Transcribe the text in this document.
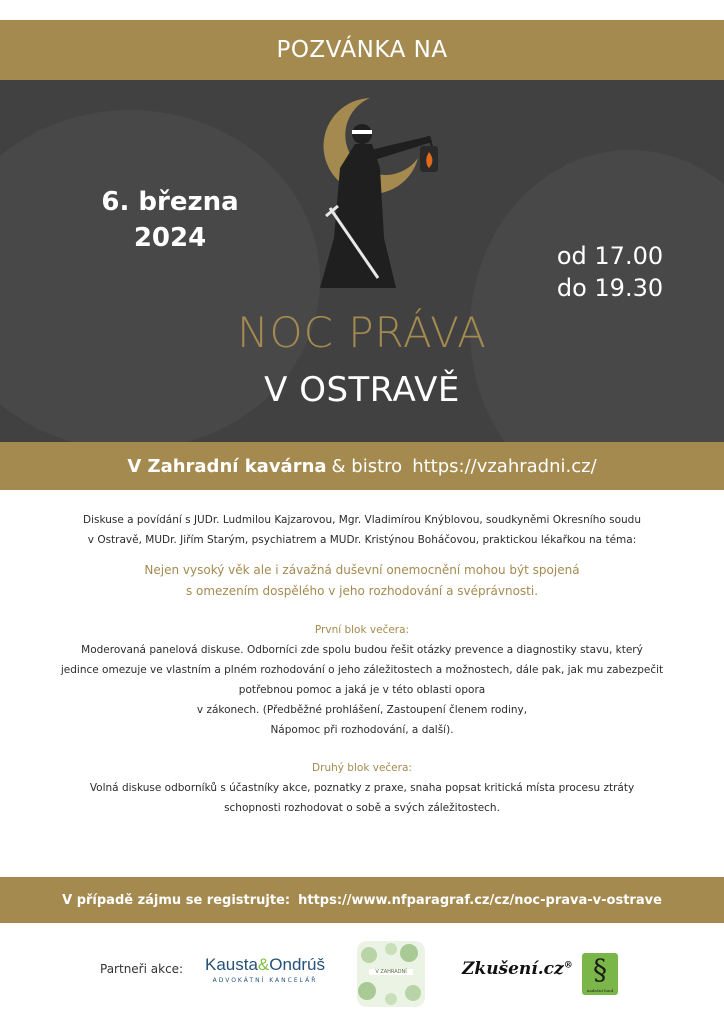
POZVÁNKA NA
6. března
2024
od 17.00
do 19.30
NOC PRÁVA
V OSTRAVĚ
V Zahradní kavárna & bistro https://vzahradni.cz/

Diskuse a povídání s JUDr. Ludmilou Kajzarovou, Mgr. Vladimírou Knýblovou, soudkyněmi Okresního soudu

v Ostravě, MUDr. Jiřím Starým, psychiatrem a MUDr. Kristýnou Boháčovou, praktickou lékařkou na téma:

Nejen vysoký věk ale i závažná duševní onemocnění mohou být spojená

s omezením dospělého v jeho rozhodování a svéprávnosti.

První blok večera:

Moderovaná panelová diskuse. Odborníci zde spolu budou řešit otázky prevence a diagnostiky stavu, který

jedince omezuje ve vlastním a plném rozhodování o jeho záležitostech a možnostech, dále pak, jak mu zabezpečit

potřebnou pomoc a jaká je v této oblasti opora

v zákonech. (Předběžné prohlášení, Zastoupení členem rodiny,

Nápomoc při rozhodování, a další).

Druhý blok večera:

Volná diskuse odborníků s účastníky akce, poznatky z praxe, snaha popsat kritická místa procesu ztráty

schopnosti rozhodovat o sobě a svých záležitostech.

V případě zájmu se registrujte: https://www.nfparagraf.cz/cz/noc-prava-v-ostrave
Partneři akce: Kausta&Ondrúš
ADVOKÁTNÍ KANCELÁŘ
V ZAHRADNÍ	Zkušení.cz® §
nadační fond
